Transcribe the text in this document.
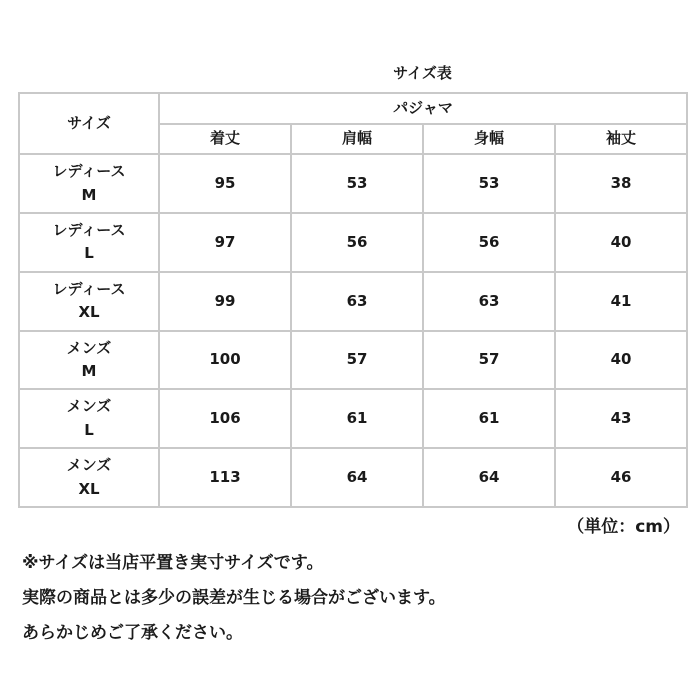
サイズ表
サイズ	パジャマ			
	着丈	肩幅	身幅	袖丈

レディース
M	95	53	53	38

レディース
L	97	56	56	40

レディース
XL	99	63	63	41

メンズ
M	100	57	57	40

メンズ
L	106	61	61	43

メンズ
XL	113	64	64	46
（単位：cm）
※サイズは当店平置き実寸サイズです。
実際の商品とは多少の誤差が生じる場合がございます。
あらかじめご了承ください。
